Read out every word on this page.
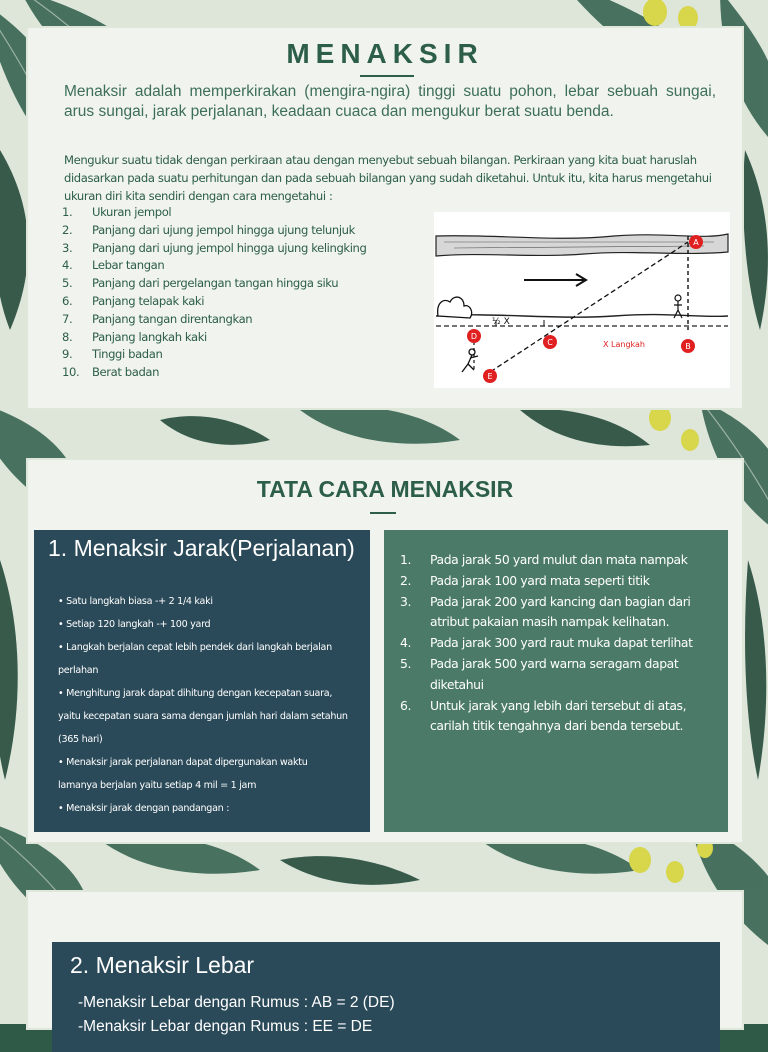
MENAKSIR
Menaksir adalah memperkirakan (mengira-ngira) tinggi suatu pohon, lebar sebuah sungai, arus sungai, jarak perjalanan, keadaan cuaca dan mengukur berat suatu benda.
Mengukur suatu tidak dengan perkiraan atau dengan menyebut sebuah bilangan. Perkiraan yang kita buat haruslah didasarkan pada suatu perhitungan dan pada sebuah bilangan yang sudah diketahui. Untuk itu, kita harus mengetahui ukuran diri kita sendiri dengan cara mengetahui :
1.	Ukuran jempol
2.	Panjang dari ujung jempol hingga ujung telunjuk
3.	Panjang dari ujung jempol hingga ujung kelingking
4.	Lebar tangan
5.	Panjang dari pergelangan tangan hingga siku
6.	Panjang telapak kaki
7.	Panjang tangan direntangkan
8.	Panjang langkah kaki
9.	Tinggi badan
10.	Berat badan
½ X
A
B
C
D
E
X Langkah
TATA CARA MENAKSIR
1. Menaksir Jarak(Perjalanan)
• Satu langkah biasa -+ 2 1/4 kaki
• Setiap 120 langkah -+ 100 yard
• Langkah berjalan cepat lebih pendek dari langkah berjalan
perlahan
• Menghitung jarak dapat dihitung dengan kecepatan suara,
yaitu kecepatan suara sama dengan jumlah hari dalam setahun
(365 hari)
• Menaksir jarak perjalanan dapat dipergunakan waktu
lamanya berjalan yaitu setiap 4 mil = 1 jam
• Menaksir jarak dengan pandangan :
1.	Pada jarak 50 yard mulut dan mata nampak
2.	Pada jarak 100 yard mata seperti titik
3.	Pada jarak 200 yard kancing dan bagian dari atribut pakaian masih nampak kelihatan.
4.	Pada jarak 300 yard raut muka dapat terlihat
5.	Pada jarak 500 yard warna seragam dapat diketahui
6.	Untuk jarak yang lebih dari tersebut di atas, carilah titik tengahnya dari benda tersebut.
2. Menaksir Lebar
-Menaksir Lebar dengan Rumus : AB = 2 (DE)
-Menaksir Lebar dengan Rumus : EE = DE
